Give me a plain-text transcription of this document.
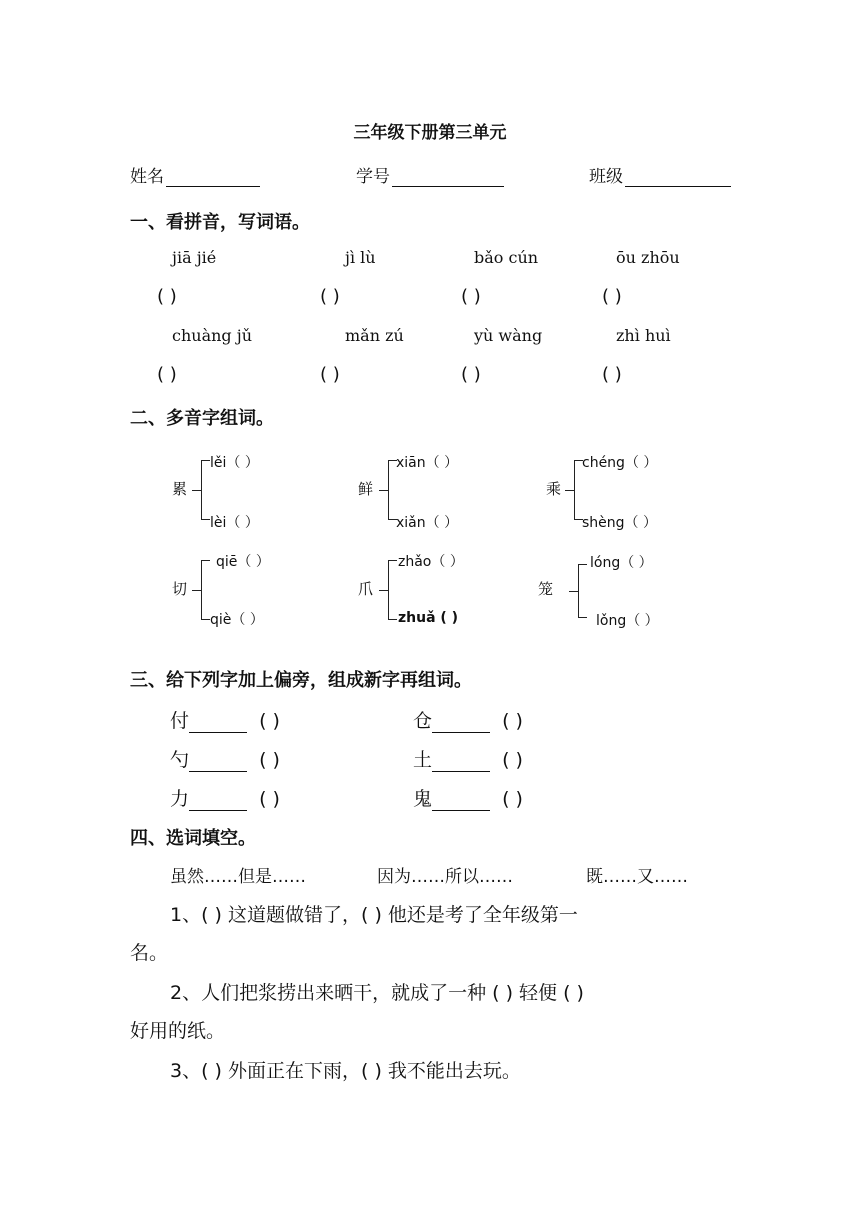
三年级下册第三单元
姓名	学号	班级
一、看拼音，写词语。
jiā jié	jì lù	bǎo cún	ōu zhōu
( )	( )	( )	( )
chuàng jǔ	mǎn zú	yù wàng	zhì huì
( )	( )	( )	( )
二、多音字组词。
累
lěi（ ）
lèi（ ）
鲜
xiān（ ）
xiǎn（ ）
乘
chéng（ ）
shèng（ ）
切
qiē（ ）
qiè（ ）
爪
zhǎo（ ）
zhuǎ ( )
笼
lóng（ ）
lǒng（ ）
三、给下列字加上偏旁，组成新字再组词。
付	( )	仓	( )
勺	( )	土	( )
力	( )	鬼	( )
四、选词填空。
虽然……但是……	因为……所以……	既……又……
1、( ) 这道题做错了，( ) 他还是考了全年级第一
名。
2、人们把浆捞出来晒干，就成了一种 ( ) 轻便 ( )
好用的纸。
3、( ) 外面正在下雨，( ) 我不能出去玩。
